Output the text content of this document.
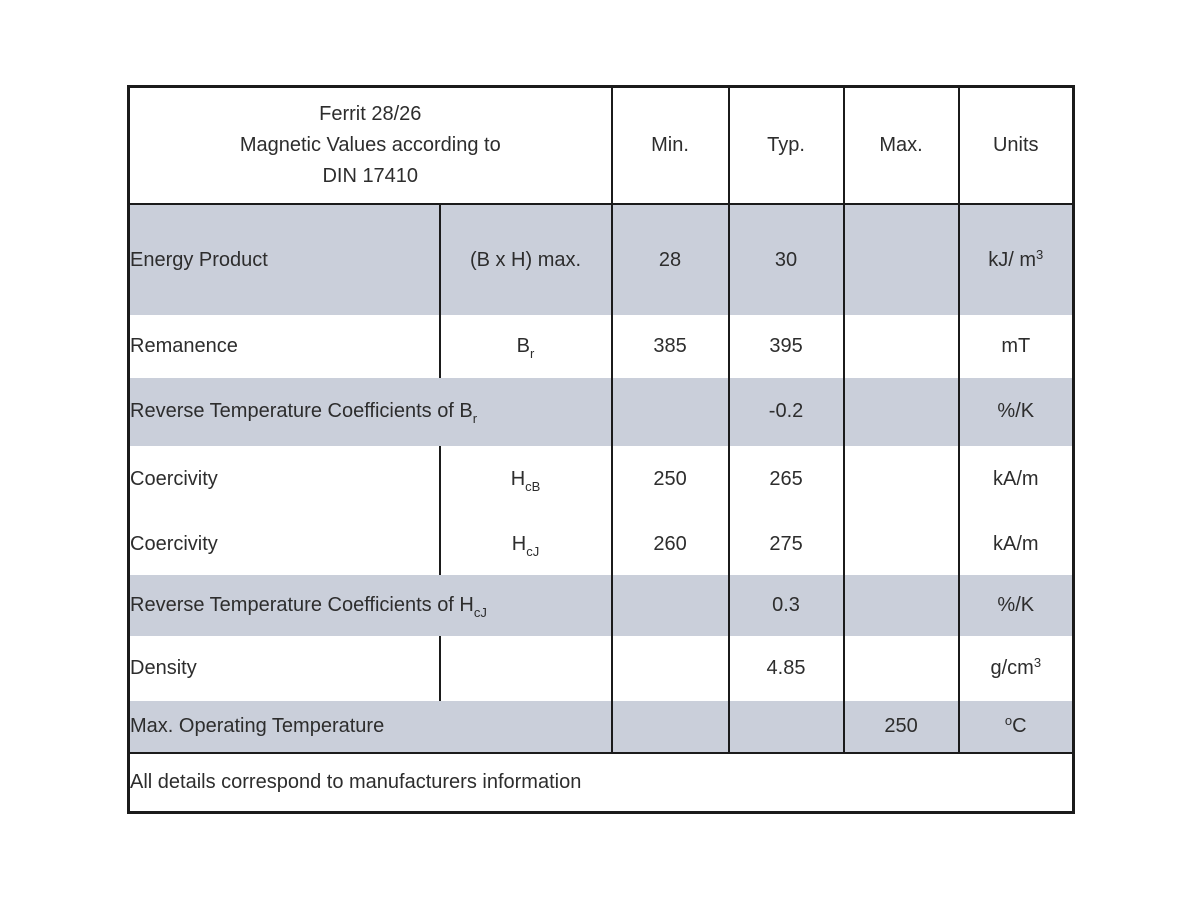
Ferrit 28/26
Magnetic Values according to
DIN 17410		Min.	Typ.	Max.	Units
Energy Product	(B x H) max.	28	30		kJ/ $m^3$
Remanence	$B_r$	385	395		mT
Reverse Temperature Coefficients of $B_r$			-0.2		%/K
Coercivity	$H_{cB}$	250	265		kA/m
Coercivity	$H_{cJ}$	260	275		kA/m
Reverse Temperature Coefficients of $H_{cJ}$			0.3		%/K
Density			4.85		$g/cm^3$
Max. Operating Temperature				250	$^o$C
All details correspond to manufacturers information					
